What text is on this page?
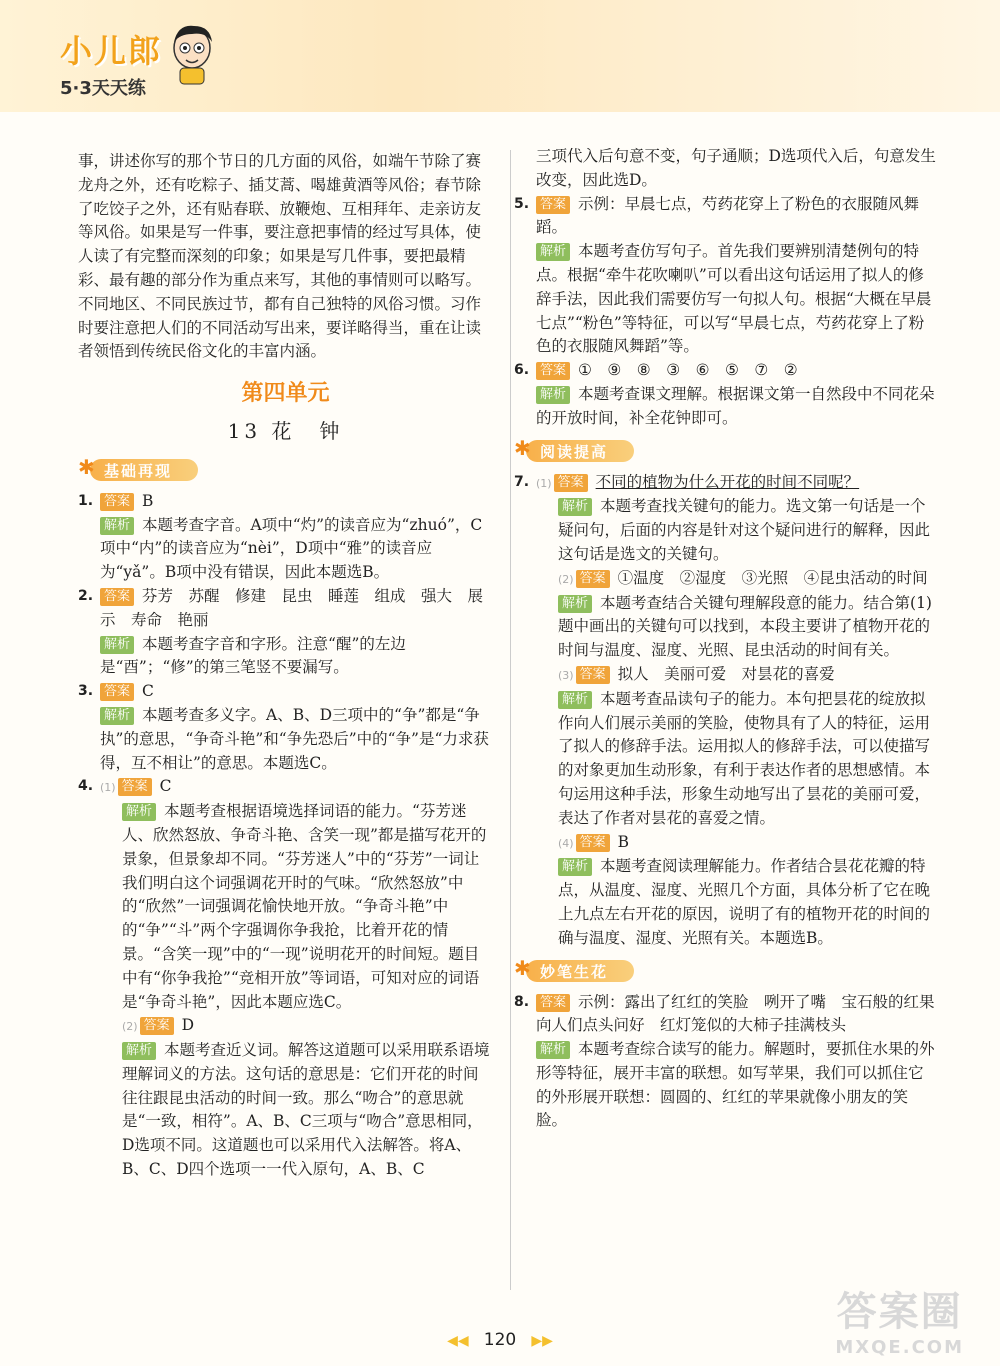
小儿郎
5·3天天练

事，讲述你写的那个节日的几方面的风俗，如端午节除了赛龙舟之外，还有吃粽子、插艾蒿、喝雄黄酒等风俗；春节除了吃饺子之外，还有贴春联、放鞭炮、互相拜年、走亲访友等风俗。如果是写一件事，要注意把事情的经过写具体，使人读了有完整而深刻的印象；如果是写几件事，要把最精彩、最有趣的部分作为重点来写，其他的事情则可以略写。不同地区、不同民族过节，都有自己独特的风俗习惯。习作时要注意把人们的不同活动写出来，要详略得当，重在让读者领悟到传统民俗文化的丰富内涵。

第四单元
13 花　钟
✱ 基础再现
1. 答案 B

解析 本题考查字音。A项中“灼”的读音应为“zhuó”，C项中“内”的读音应为“nèi”，D项中“雅”的读音应为“yǎ”。B项中没有错误，因此本题选B。

2. 答案 芬芳　苏醒　修建　昆虫　睡莲　组成　强大　展示　寿命　艳丽

解析 本题考查字音和字形。注意“醒”的左边是“酉”；“修”的第三笔竖不要漏写。

3. 答案 C

解析 本题考查多义字。A、B、D三项中的“争”都是“争执”的意思，“争奇斗艳”和“争先恐后”中的“争”是“力求获得，互不相让”的意思。本题选C。

4. (1) 答案 C

解析 本题考查根据语境选择词语的能力。“芬芳迷人、欣然怒放、争奇斗艳、含笑一现”都是描写花开的景象，但景象却不同。“芬芳迷人”中的“芬芳”一词让我们明白这个词强调花开时的气味。“欣然怒放”中的“欣然”一词强调花愉快地开放。“争奇斗艳”中的“争”“斗”两个字强调你争我抢，比着开花的情景。“含笑一现”中的“一现”说明花开的时间短。题目中有“你争我抢”“竞相开放”等词语，可知对应的词语是“争奇斗艳”，因此本题应选C。

(2) 答案 D

解析 本题考查近义词。解答这道题可以采用联系语境理解词义的方法。这句话的意思是：它们开花的时间往往跟昆虫活动的时间一致。那么“吻合”的意思就是“一致，相符”。A、B、C三项与“吻合”意思相同，D选项不同。这道题也可以采用代入法解答。将A、B、C、D四个选项一一代入原句，A、B、C

三项代入后句意不变，句子通顺；D选项代入后，句意发生改变，因此选D。

5. 答案 示例：早晨七点，芍药花穿上了粉色的衣服随风舞蹈。

解析 本题考查仿写句子。首先我们要辨别清楚例句的特点。根据“牵牛花吹喇叭”可以看出这句话运用了拟人的修辞手法，因此我们需要仿写一句拟人句。根据“大概在早晨七点”“粉色”等特征，可以写“早晨七点，芍药花穿上了粉色的衣服随风舞蹈”等。

6. 答案 ①　⑨　⑧　③　⑥　⑤　⑦　②

解析 本题考查课文理解。根据课文第一自然段中不同花朵的开放时间，补全花钟即可。

✱ 阅读提高
7. (1) 答案 不同的植物为什么开花的时间不同呢？

解析 本题考查找关键句的能力。选文第一句话是一个疑问句，后面的内容是针对这个疑问进行的解释，因此这句话是选文的关键句。

(2) 答案 ①温度　②湿度　③光照　④昆虫活动的时间

解析 本题考查结合关键句理解段意的能力。结合第(1)题中画出的关键句可以找到，本段主要讲了植物开花的时间与温度、湿度、光照、昆虫活动的时间有关。

(3) 答案 拟人　美丽可爱　对昙花的喜爱

解析 本题考查品读句子的能力。本句把昙花的绽放拟作向人们展示美丽的笑脸，使物具有了人的特征，运用了拟人的修辞手法。运用拟人的修辞手法，可以使描写的对象更加生动形象，有利于表达作者的思想感情。本句运用这种手法，形象生动地写出了昙花的美丽可爱，表达了作者对昙花的喜爱之情。

(4) 答案 B

解析 本题考查阅读理解能力。作者结合昙花花瓣的特点，从温度、湿度、光照几个方面，具体分析了它在晚上九点左右开花的原因，说明了有的植物开花的时间的确与温度、湿度、光照有关。本题选B。

✱ 妙笔生花
8. 答案 示例：露出了红红的笑脸　咧开了嘴　宝石般的红果向人们点头问好　红灯笼似的大柿子挂满枝头

解析 本题考查综合读写的能力。解题时，要抓住水果的外形等特征，展开丰富的联想。如写苹果，我们可以抓住它的外形展开联想：圆圆的、红红的苹果就像小朋友的笑脸。

◀◀ 120 ▶▶
答案圈
MXQE.COM
